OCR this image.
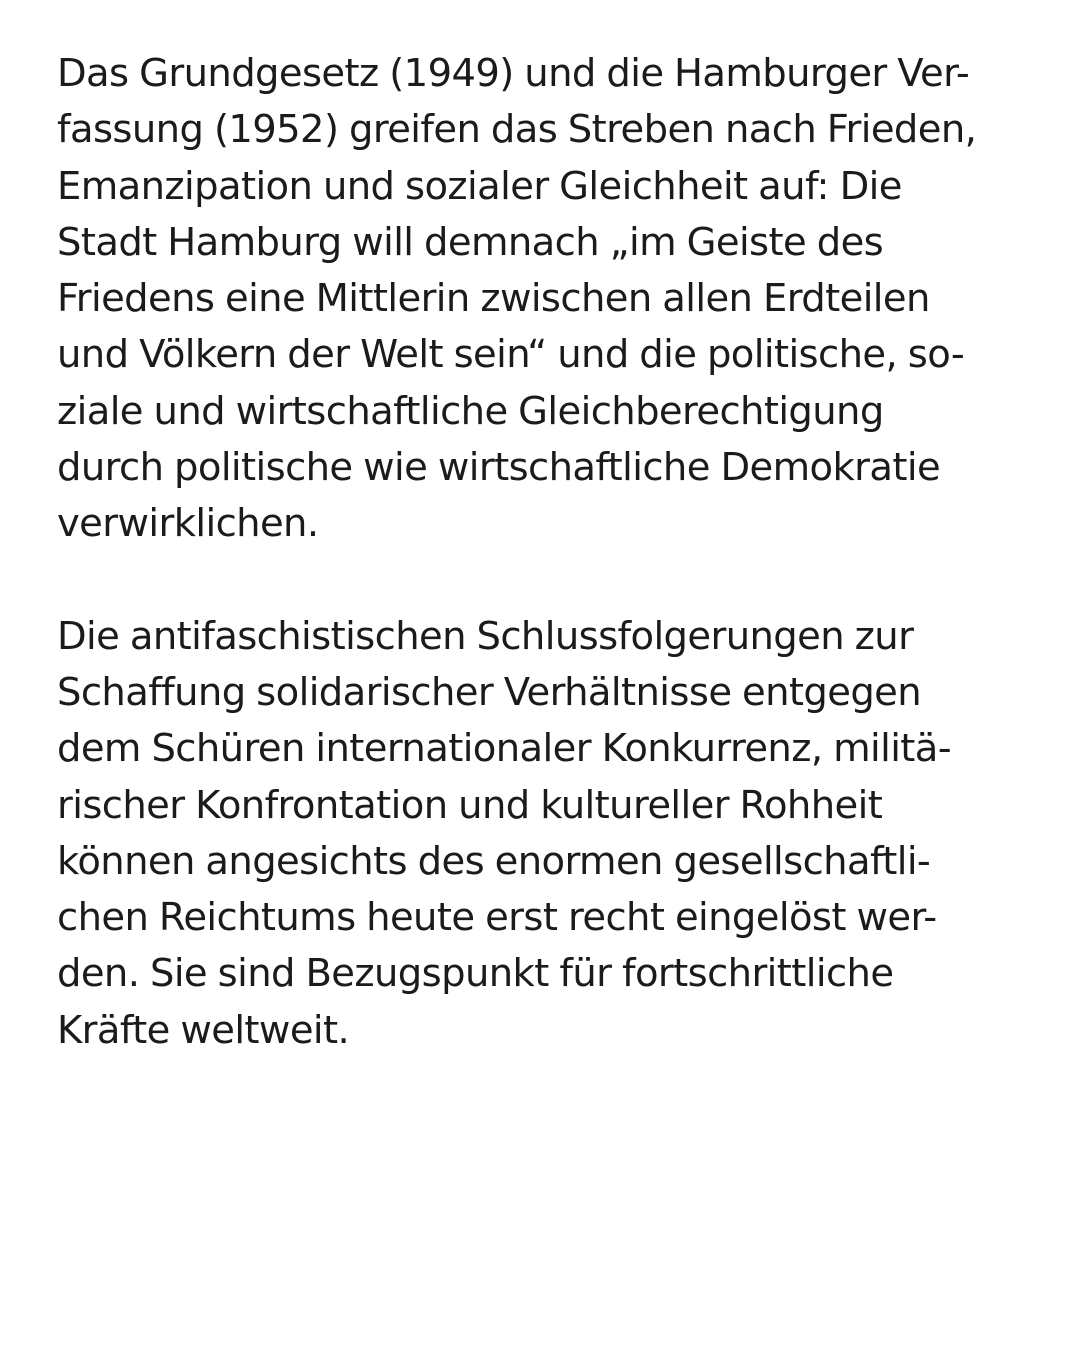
Das Grundgesetz (1949) und die Hamburger Ver-
fassung (1952) greifen das Streben nach Frieden,
Emanzipation und sozialer Gleichheit auf: Die
Stadt Hamburg will demnach „im Geiste des
Friedens eine Mittlerin zwischen allen Erdteilen
und Völkern der Welt sein“ und die politische, so-
ziale und wirtschaftliche Gleichberechtigung
durch politische wie wirtschaftliche Demokratie
verwirklichen.

Die antifaschistischen Schlussfolgerungen zur
Schaffung solidarischer Verhältnisse entgegen
dem Schüren internationaler Konkurrenz, militä-
rischer Konfrontation und kultureller Rohheit
können angesichts des enormen gesellschaftli-
chen Reichtums heute erst recht eingelöst wer-
den. Sie sind Bezugspunkt für fortschrittliche
Kräfte weltweit.
